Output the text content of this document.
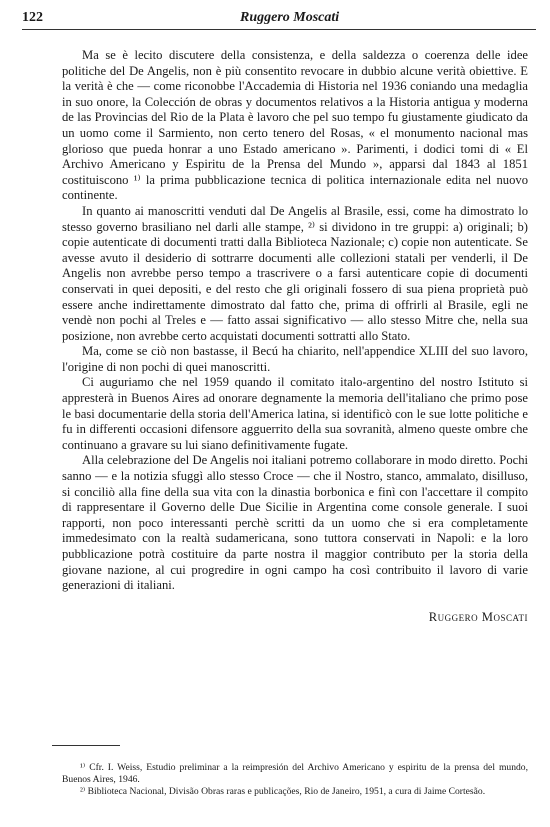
122	Ruggero Moscati

Ma se è lecito discutere della consistenza, e della saldezza o coerenza delle idee politiche del De Angelis, non è più consentito revocare in dubbio alcune verità obiettive. E la verità è che — come riconobbe l'Accademia di Historia nel 1936 coniando una medaglia in suo onore, la Colección de obras y documentos relativos a la Historia antigua y moderna de las Provincias del Rio de la Plata è lavoro che pel suo tempo fu giustamente giudicato da un uomo come il Sarmiento, non certo tenero del Rosas, « el monumento nacional mas glorioso que pueda honrar a uno Estado americano ». Parimenti, i dodici tomi di « El Archivo Americano y Espiritu de la Prensa del Mundo », apparsi dal 1843 al 1851 costituiscono ¹⁾ la prima pubblicazione tecnica di politica internazionale edita nel nuovo continente.

In quanto ai manoscritti venduti dal De Angelis al Brasile, essi, come ha dimostrato lo stesso governo brasiliano nel darli alle stampe, ²⁾ si dividono in tre gruppi: a) originali; b) copie autenticate di documenti tratti dalla Biblioteca Nazionale; c) copie non autenticate. Se avesse avuto il desiderio di sottrarre documenti alle collezioni statali per venderli, il De Angelis non avrebbe perso tempo a trascrivere o a farsi autenticare copie di documenti conservati in quei depositi, e del resto che gli originali fossero di sua piena proprietà può essere anche indirettamente dimostrato dal fatto che, prima di offrirli al Brasile, egli ne vendè non pochi al Treles e — fatto assai significativo — allo stesso Mitre che, nella sua posizione, non avrebbe certo acquistati documenti sottratti allo Stato.

Ma, come se ciò non bastasse, il Becú ha chiarito, nell'appendice XLIII del suo lavoro, l'origine di non pochi di quei manoscritti.

Ci auguriamo che nel 1959 quando il comitato italo-argentino del nostro Istituto si appresterà in Buenos Aires ad onorare degnamente la memoria dell'italiano che primo pose le basi documentarie della storia dell'America latina, si identificò con le sue lotte politiche e fu in differenti occasioni difensore agguerrito della sua sovranità, almeno queste ombre che continuano a gravare su lui siano definitivamente fugate.

Alla celebrazione del De Angelis noi italiani potremo collaborare in modo diretto. Pochi sanno — e la notizia sfuggì allo stesso Croce — che il Nostro, stanco, ammalato, disilluso, si conciliò alla fine della sua vita con la dinastia borbonica e finì con l'accettare il compito di rappresentare il Governo delle Due Sicilie in Argentina come console generale. I suoi rapporti, non poco interessanti perchè scritti da un uomo che si era completamente immedesimato con la realtà sudamericana, sono tuttora conservati in Napoli: e la loro pubblicazione potrà costituire da parte nostra il maggior contributo per la storia della giovane nazione, al cui progredire in ogni campo ha così contribuito il lavoro di varie generazioni di italiani.

Ruggero Moscati

¹⁾ Cfr. I. Weiss, Estudio preliminar a la reimpresión del Archivo Americano y espiritu de la prensa del mundo, Buenos Aires, 1946.

²⁾ Biblioteca Nacional, Divisão Obras raras e publicações, Rio de Janeiro, 1951, a cura di Jaime Cortesão.
